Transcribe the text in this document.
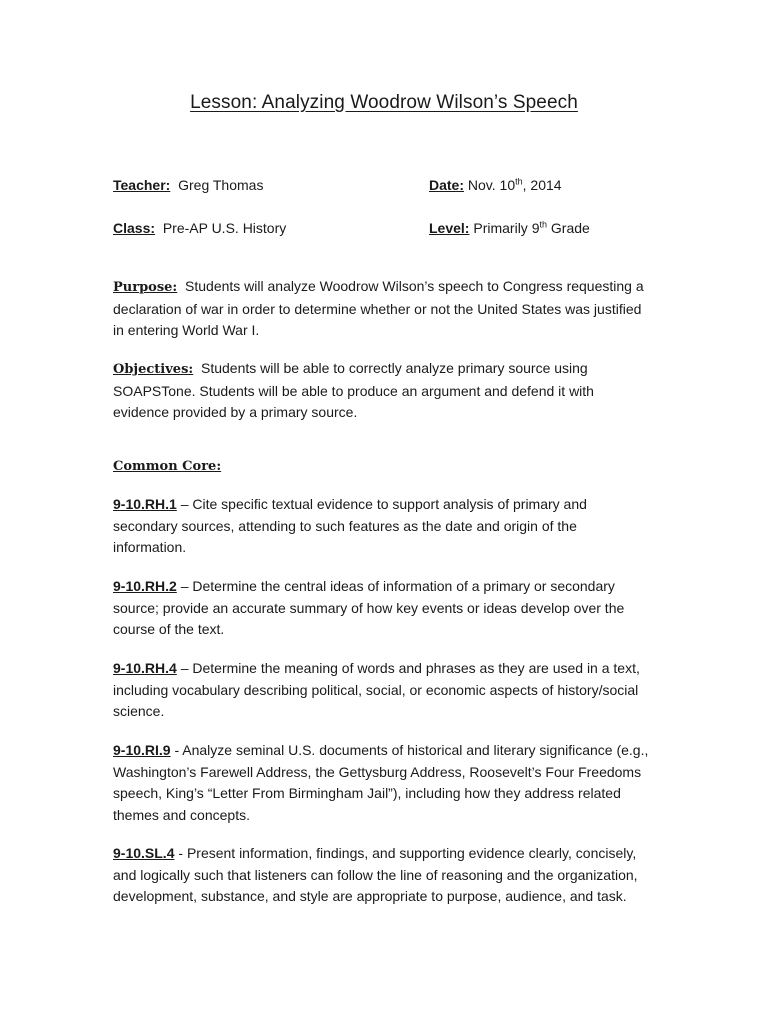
Lesson: Analyzing Woodrow Wilson’s Speech
Teacher: Greg Thomas	Date: Nov. 10th, 2014
Class: Pre-AP U.S. History	Level: Primarily 9th Grade

Purpose: Students will analyze Woodrow Wilson’s speech to Congress requesting a declaration of war in order to determine whether or not the United States was justified in entering World War I.

Objectives: Students will be able to correctly analyze primary source using SOAPSTone. Students will be able to produce an argument and defend it with evidence provided by a primary source.

Common Core:

9-10.RH.1 – Cite specific textual evidence to support analysis of primary and secondary sources, attending to such features as the date and origin of the information.

9-10.RH.2 – Determine the central ideas of information of a primary or secondary source; provide an accurate summary of how key events or ideas develop over the course of the text.

9-10.RH.4 – Determine the meaning of words and phrases as they are used in a text, including vocabulary describing political, social, or economic aspects of history/social science.

9-10.RI.9 - Analyze seminal U.S. documents of historical and literary significance (e.g., Washington’s Farewell Address, the Gettysburg Address, Roosevelt’s Four Freedoms speech, King’s “Letter From Birmingham Jail”), including how they address related themes and concepts.

9-10.SL.4 - Present information, findings, and supporting evidence clearly, concisely, and logically such that listeners can follow the line of reasoning and the organization, development, substance, and style are appropriate to purpose, audience, and task.
